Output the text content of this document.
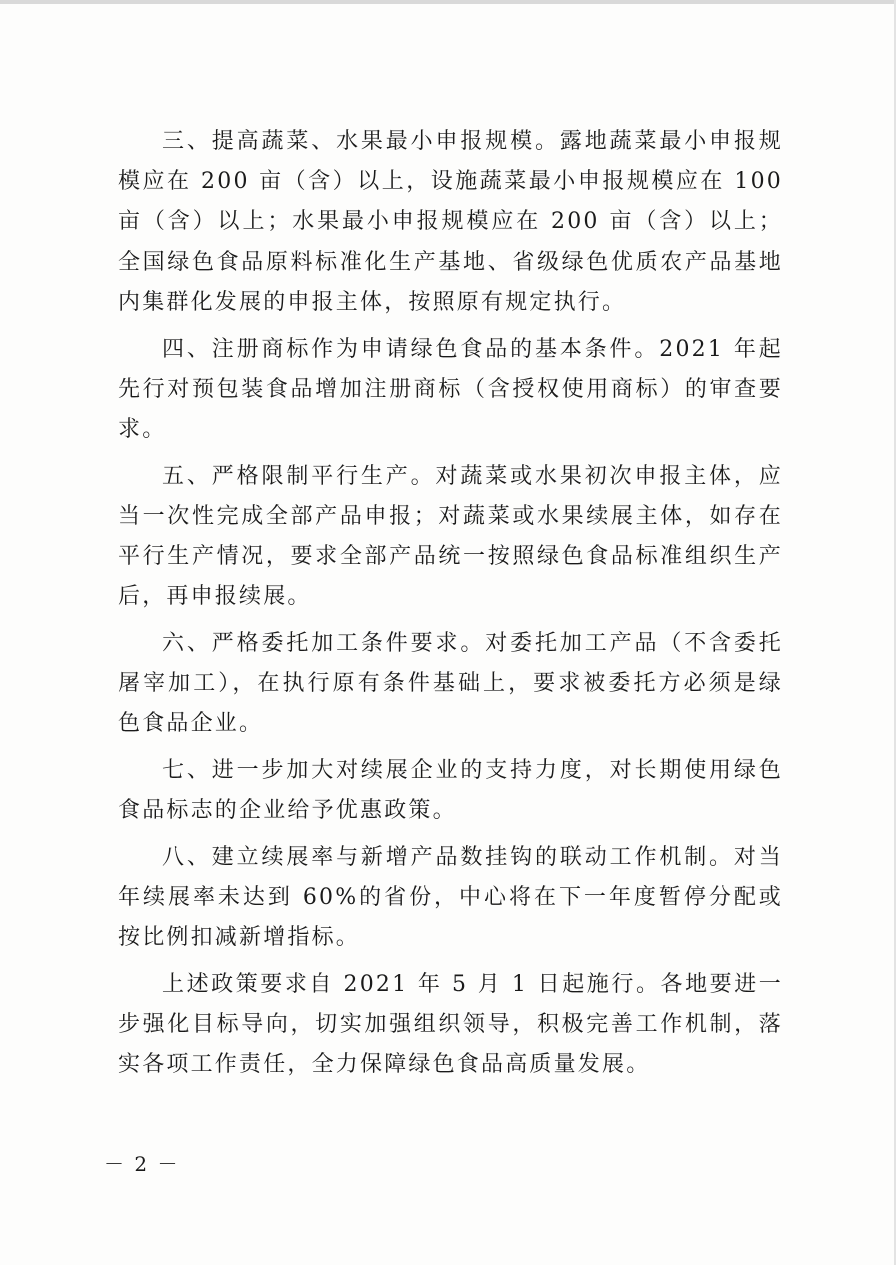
三、提高蔬菜、水果最小申报规模。露地蔬菜最小申报规模应在 200 亩（含）以上，设施蔬菜最小申报规模应在 100 亩（含）以上；水果最小申报规模应在 200 亩（含）以上；全国绿色食品原料标准化生产基地、省级绿色优质农产品基地内集群化发展的申报主体，按照原有规定执行。

四、注册商标作为申请绿色食品的基本条件。2021 年起先行对预包装食品增加注册商标（含授权使用商标）的审查要求。

五、严格限制平行生产。对蔬菜或水果初次申报主体，应当一次性完成全部产品申报；对蔬菜或水果续展主体，如存在平行生产情况，要求全部产品统一按照绿色食品标准组织生产后，再申报续展。

六、严格委托加工条件要求。对委托加工产品（不含委托屠宰加工），在执行原有条件基础上，要求被委托方必须是绿色食品企业。

七、进一步加大对续展企业的支持力度，对长期使用绿色食品标志的企业给予优惠政策。

八、建立续展率与新增产品数挂钩的联动工作机制。对当年续展率未达到 60%的省份，中心将在下一年度暂停分配或按比例扣减新增指标。

上述政策要求自 2021 年 5 月 1 日起施行。各地要进一步强化目标导向，切实加强组织领导，积极完善工作机制，落实各项工作责任，全力保障绿色食品高质量发展。

－ 2 －
